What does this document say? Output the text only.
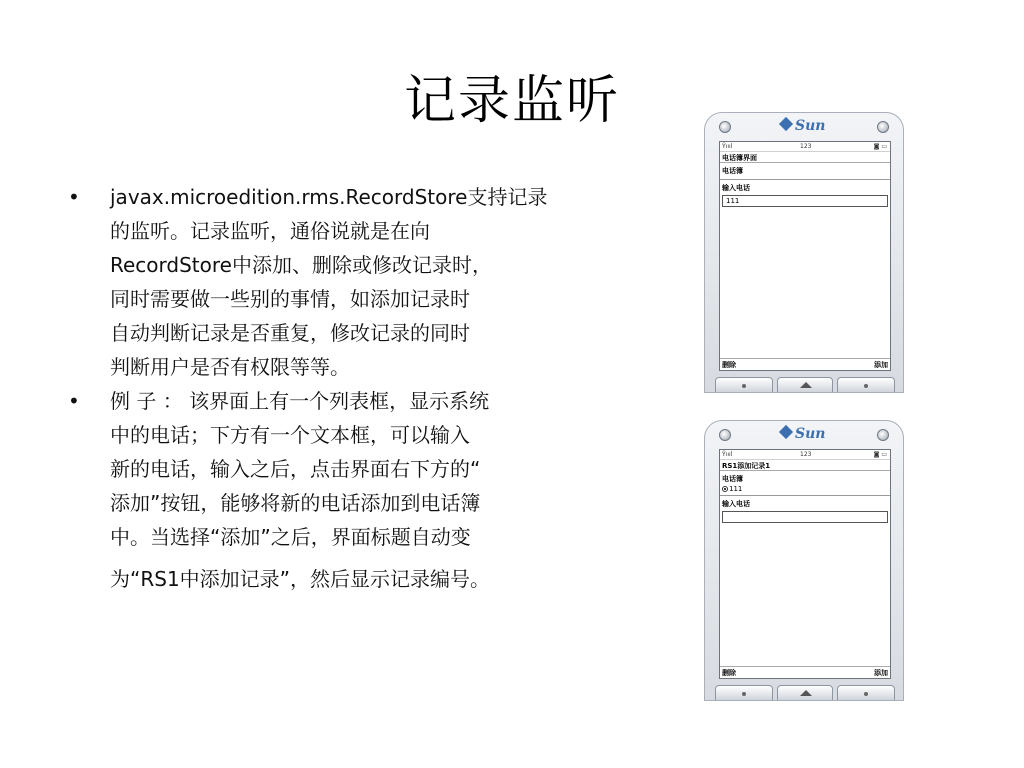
记录监听
• javax.microedition.rms.RecordStore支持记录
的监听。记录监听，通俗说就是在向
RecordStore中添加、删除或修改记录时，
同时需要做一些别的事情，如添加记录时
自动判断记录是否重复，修改记录的同时
判断用户是否有权限等等。
• 例 子 ： 该界面上有一个列表框，显示系统
中的电话；下方有一个文本框，可以输入
新的电话，输入之后，点击界面右下方的“
添加”按钮，能够将新的电话添加到电话簿
中。当选择“添加”之后，界面标题自动变
为“RS1中添加记录”，然后显示记录编号。
Sun
Ÿıııl	123	◙ ▭
电话簿界面
电话簿
输入电话
111
删除	添加
Sun
Ÿıııl	123	◙ ▭
RS1添加记录1
电话簿
111
输入电话
删除	添加
